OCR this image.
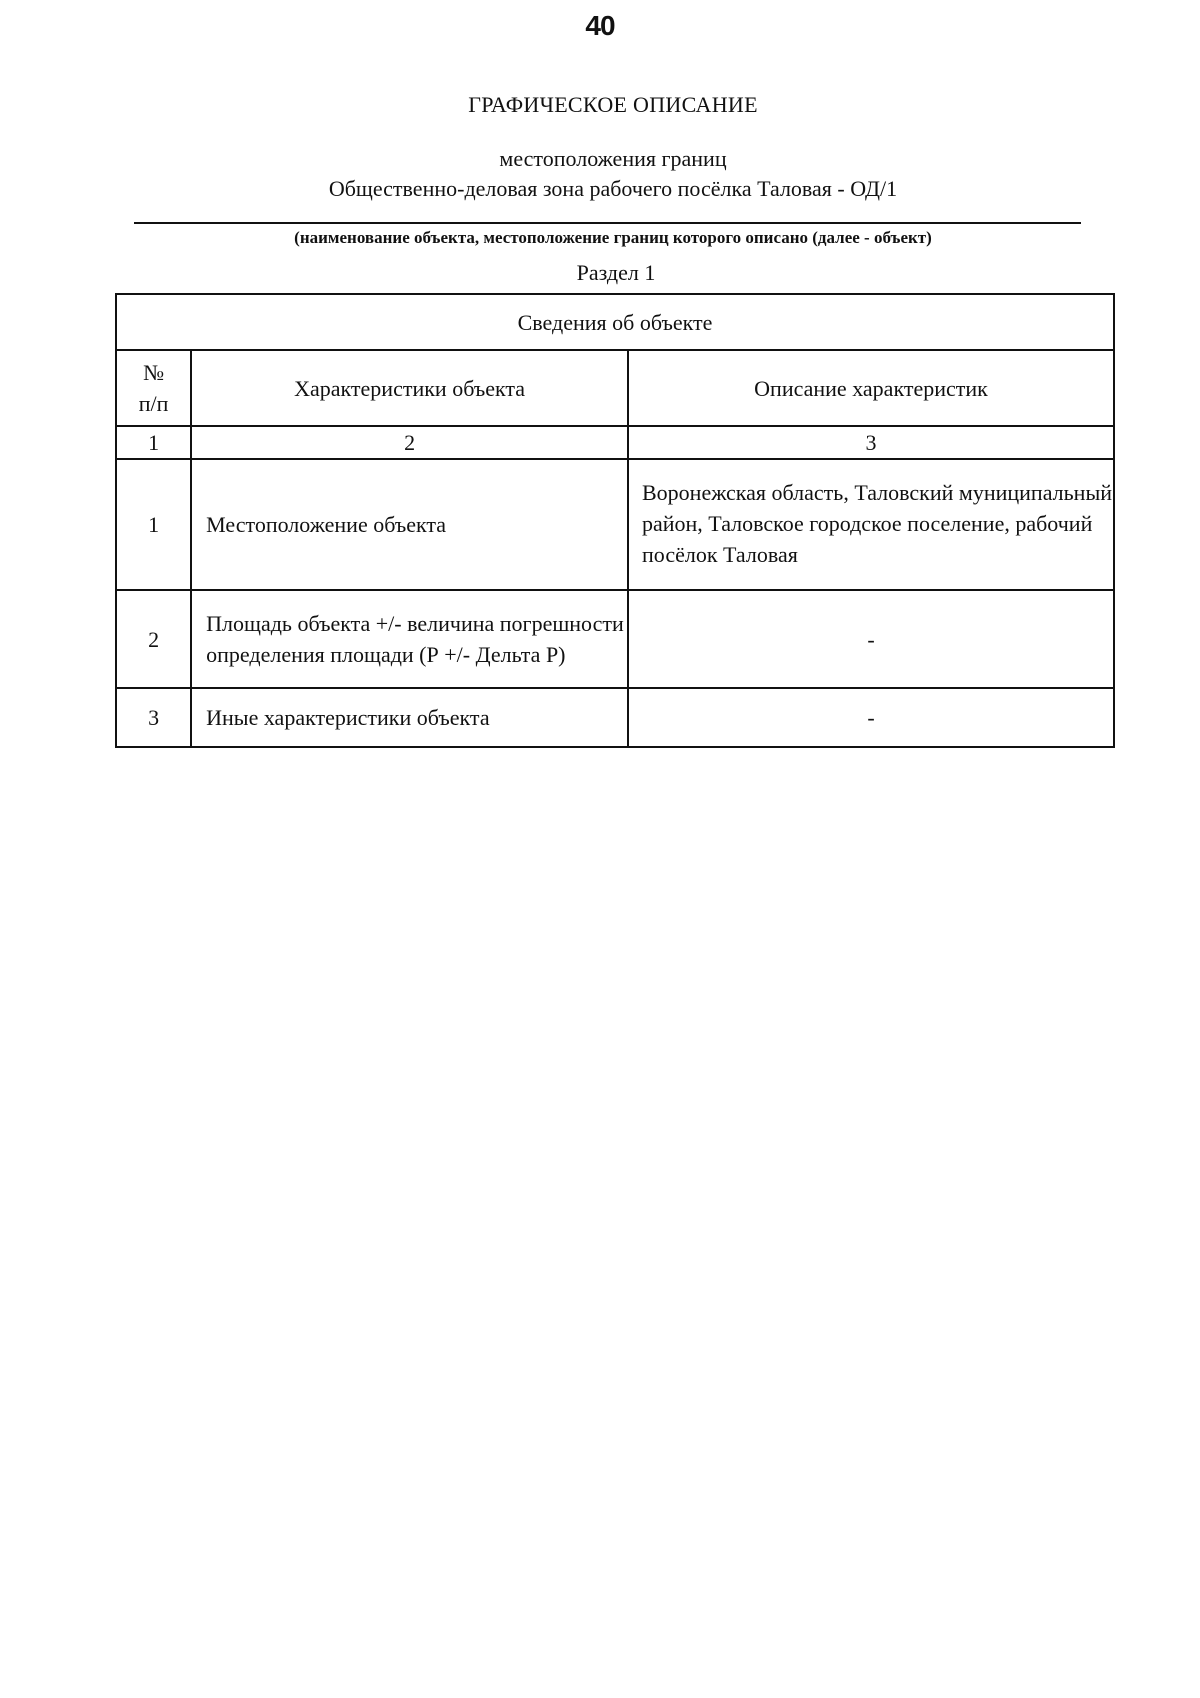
40
ГРАФИЧЕСКОЕ ОПИСАНИЕ
местоположения границ
Общественно-деловая зона рабочего посёлка Таловая - ОД/1
(наименование объекта, местоположение границ которого описано (далее - объект)
Раздел 1
Сведения об объекте		

№
п/п	Характеристики объекта	Описание характеристик
1	2	3
1	Местоположение объекта	Воронежская область, Таловский муниципальный район, Таловское городское поселение, рабочий посёлок Таловая
2	Площадь объекта +/- величина погрешности определения площади (Р +/- Дельта Р)	-
3	Иные характеристики объекта	-
